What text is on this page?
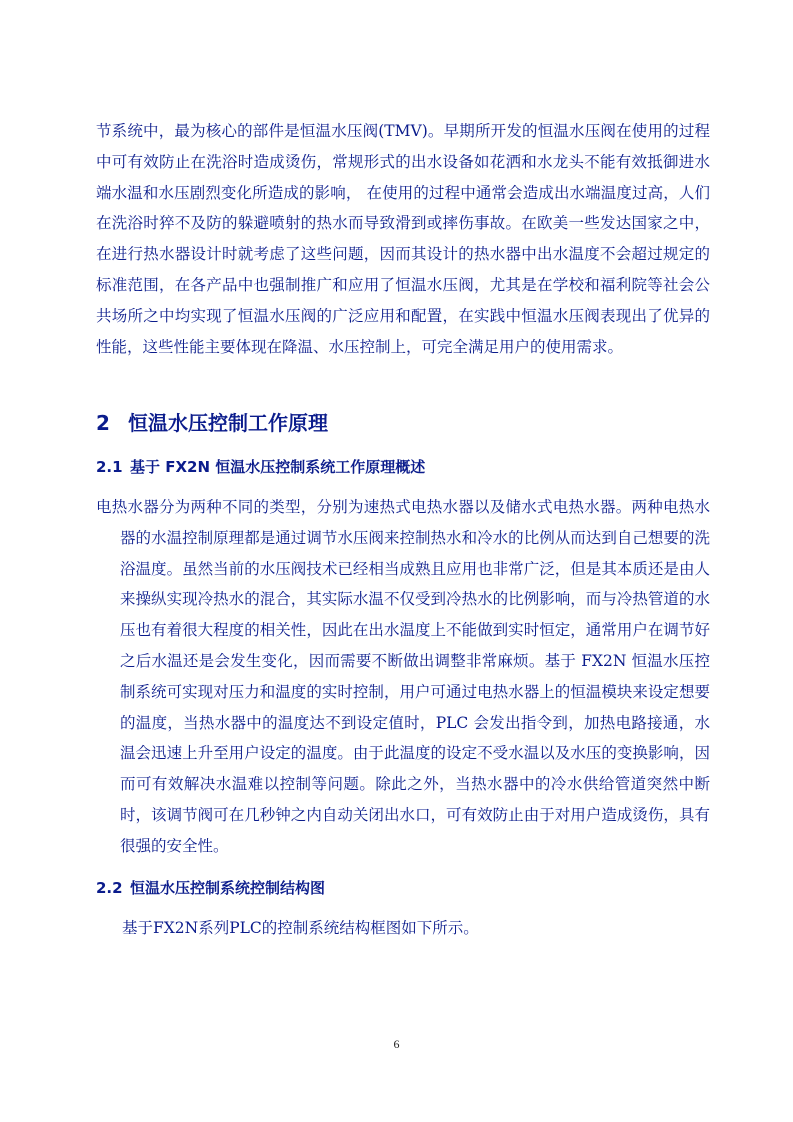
节系统中，最为核心的部件是恒温水压阀(TMV)。早期所开发的恒温水压阀在使用的过程中可有效防止在洗浴时造成烫伤，常规形式的出水设备如花洒和水龙头不能有效抵御进水端水温和水压剧烈变化所造成的影响， 在使用的过程中通常会造成出水端温度过高，人们在洗浴时猝不及防的躲避喷射的热水而导致滑到或摔伤事故。在欧美一些发达国家之中，在进行热水器设计时就考虑了这些问题，因而其设计的热水器中出水温度不会超过规定的标准范围，在各产品中也强制推广和应用了恒温水压阀，尤其是在学校和福利院等社会公共场所之中均实现了恒温水压阀的广泛应用和配置，在实践中恒温水压阀表现出了优异的性能，这些性能主要体现在降温、水压控制上，可完全满足用户的使用需求。

2 恒温水压控制工作原理
2.1 基于 FX2N 恒温水压控制系统工作原理概述

电热水器分为两种不同的类型，分别为速热式电热水器以及储水式电热水器。两种电热水器的水温控制原理都是通过调节水压阀来控制热水和冷水的比例从而达到自己想要的洗浴温度。虽然当前的水压阀技术已经相当成熟且应用也非常广泛，但是其本质还是由人来操纵实现冷热水的混合，其实际水温不仅受到冷热水的比例影响，而与冷热管道的水压也有着很大程度的相关性，因此在出水温度上不能做到实时恒定，通常用户在调节好之后水温还是会发生变化，因而需要不断做出调整非常麻烦。基于 FX2N 恒温水压控制系统可实现对压力和温度的实时控制，用户可通过电热水器上的恒温模块来设定想要的温度，当热水器中的温度达不到设定值时，PLC 会发出指令到，加热电路接通，水温会迅速上升至用户设定的温度。由于此温度的设定不受水温以及水压的变换影响，因而可有效解决水温难以控制等问题。除此之外，当热水器中的冷水供给管道突然中断时，该调节阀可在几秒钟之内自动关闭出水口，可有效防止由于对用户造成烫伤，具有很强的安全性。

2.2 恒温水压控制系统控制结构图

基于FX2N系列PLC的控制系统结构框图如下所示。

6
